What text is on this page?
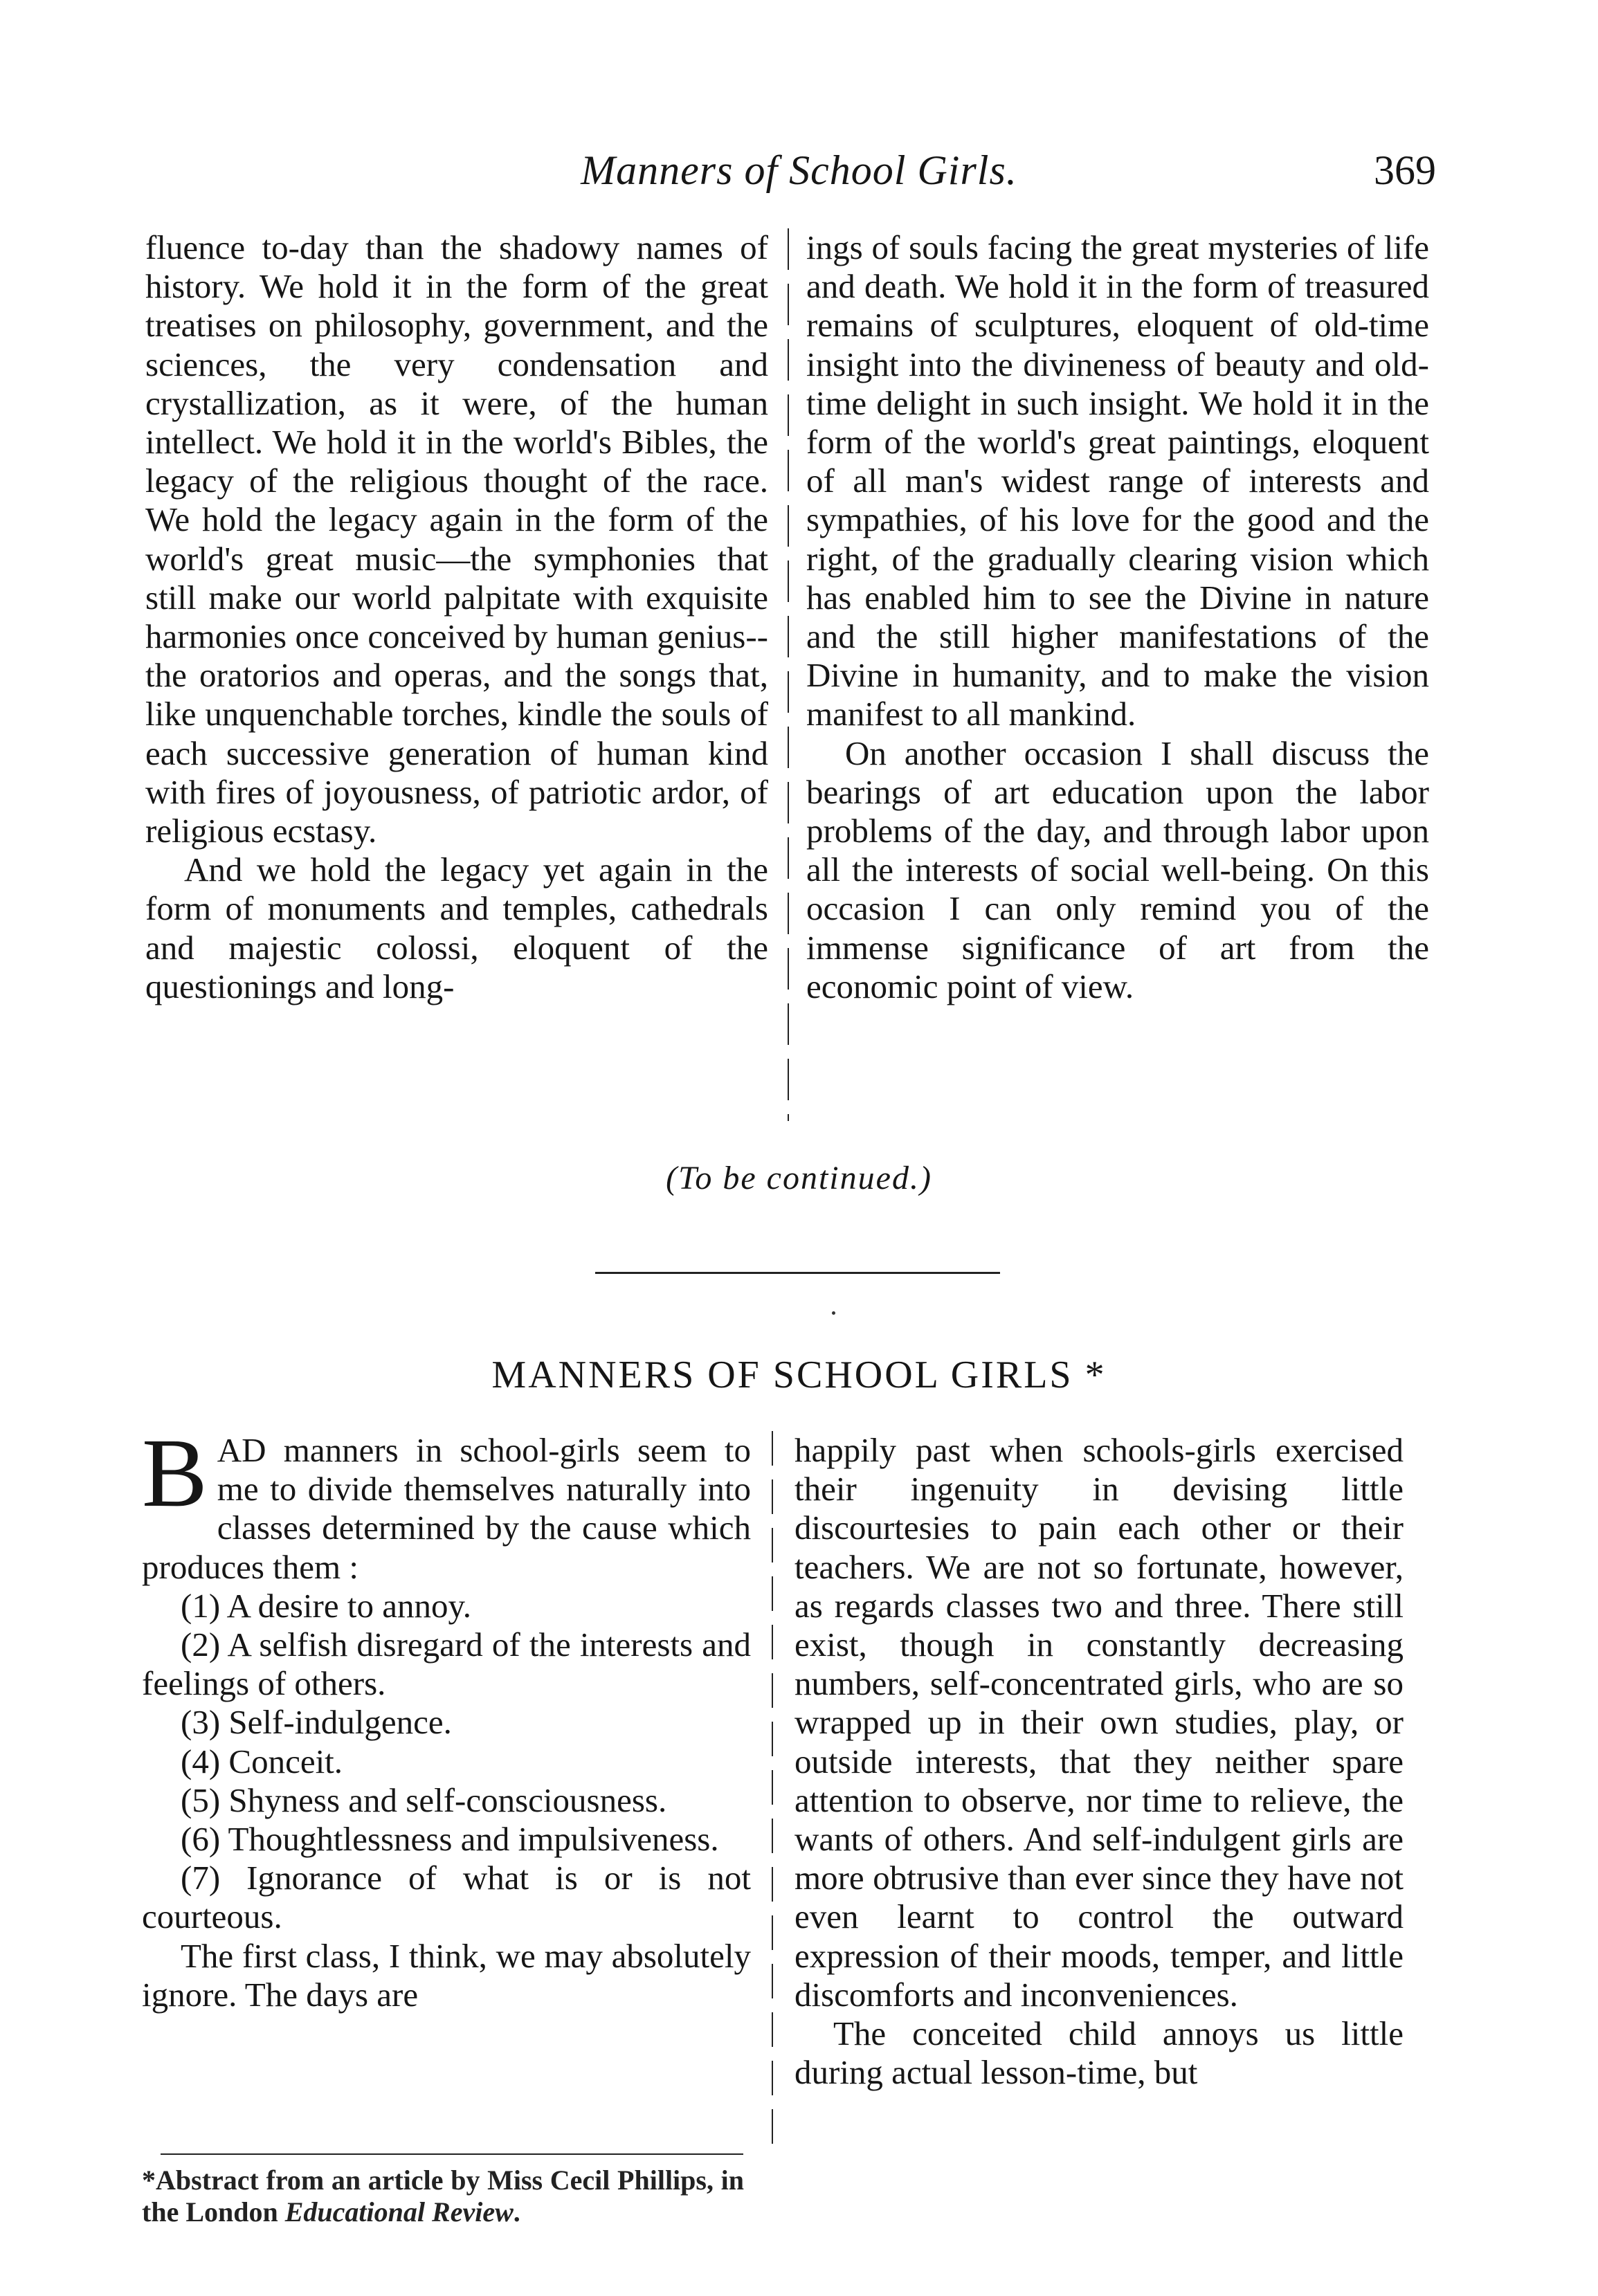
Manners of School Girls.	369

fluence to-day than the shadowy names of history. We hold it in the form of the great treatises on philosophy, government, and the sciences, the very condensation and crystallization, as it were, of the human intellect. We hold it in the world's Bibles, the legacy of the religious thought of the race. We hold the legacy again in the form of the world's great music—the symphonies that still make our world palpitate with exquisite harmonies once conceived by human genius--the oratorios and operas, and the songs that, like unquenchable torches, kindle the souls of each successive generation of human kind with fires of joyousness, of patriotic ardor, of religious ecstasy.

And we hold the legacy yet again in the form of monuments and temples, cathedrals and majestic colossi, eloquent of the questionings and long-

ings of souls facing the great mysteries of life and death. We hold it in the form of treasured remains of sculptures, eloquent of old-time insight into the divineness of beauty and old-time delight in such insight. We hold it in the form of the world's great paintings, eloquent of all man's widest range of interests and sympathies, of his love for the good and the right, of the gradually clearing vision which has enabled him to see the Divine in nature and the still higher manifestations of the Divine in humanity, and to make the vision manifest to all mankind.

On another occasion I shall discuss the bearings of art education upon the labor problems of the day, and through labor upon all the interests of social well-being. On this occasion I can only remind you of the immense significance of art from the economic point of view.

(To be continued.)
MANNERS OF SCHOOL GIRLS *

BAD manners in school-girls seem to me to divide themselves naturally into classes determined by the cause which produces them :

(1) A desire to annoy.

(2) A selfish disregard of the interests and feelings of others.

(3) Self-indulgence.

(4) Conceit.

(5) Shyness and self-consciousness.

(6) Thoughtlessness and impulsiveness.

(7) Ignorance of what is or is not courteous.

The first class, I think, we may absolutely ignore. The days are

happily past when schools-girls exercised their ingenuity in devising little discourtesies to pain each other or their teachers. We are not so fortunate, however, as regards classes two and three. There still exist, though in constantly decreasing numbers, self-concentrated girls, who are so wrapped up in their own studies, play, or outside interests, that they neither spare attention to observe, nor time to relieve, the wants of others. And self-indulgent girls are more obtrusive than ever since they have not even learnt to control the outward expression of their moods, temper, and little discomforts and inconveniences.

The conceited child annoys us little during actual lesson-time, but

*Abstract from an article by Miss Cecil Phillips, in the London Educational Review.
